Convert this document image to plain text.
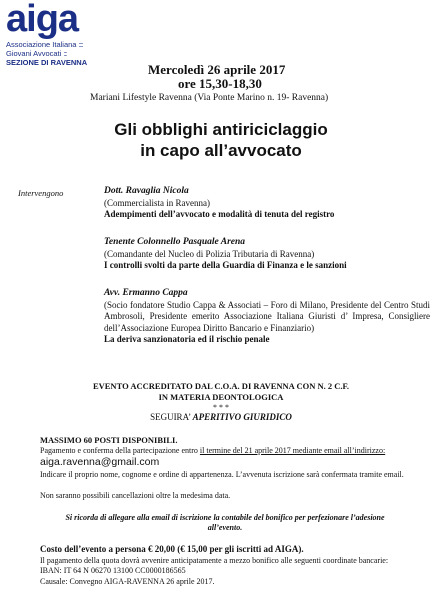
aiga
Associazione Italiana ::::
Giovani Avvocati :::
SEZIONE DI RAVENNA	Mercoledì 26 aprile 2017
ore 15,30-18,30
Mariani Lifestyle Ravenna (Via Ponte Marino n. 19- Ravenna)
Gli obblighi antiriciclaggio
in capo all’avvocato
Intervengono	Dott. Ravaglia Nicola
(Commercialista in Ravenna)
Adempimenti dell’avvocato e modalità di tenuta del registro
Tenente Colonnello Pasquale Arena
(Comandante del Nucleo di Polizia Tributaria di Ravenna)
I controlli svolti da parte della Guardia di Finanza e le sanzioni
Avv. Ermanno Cappa
(Socio fondatore Studio Cappa & Associati – Foro di Milano, Presidente del Centro Studi Ambrosoli, Presidente emerito Associazione Italiana Giuristi d’ Impresa, Consigliere dell’Associazione Europea Diritto Bancario e Finanziario)
La deriva sanzionatoria ed il rischio penale
EVENTO ACCREDITATO DAL C.O.A. DI RAVENNA CON N. 2 C.F.
IN MATERIA DEONTOLOGICA
* * *
SEGUIRA’ APERITIVO GIURIDICO
MASSIMO 60 POSTI DISPONIBILI.
Pagamento e conferma della partecipazione entro il termine del 21 aprile 2017 mediante email all’indirizzo:
aiga.ravenna@gmail.com
Indicare il proprio nome, cognome e ordine di appartenenza. L’avvenuta iscrizione sarà confermata tramite email.
Non saranno possibili cancellazioni oltre la medesima data.
Si ricorda di allegare alla email di iscrizione la contabile del bonifico per perfezionare l’adesione all’evento.
Costo dell’evento a persona € 20,00 (€ 15,00 per gli iscritti ad AIGA).
Il pagamento della quota dovrà avvenire anticipatamente a mezzo bonifico alle seguenti coordinate bancarie:
IBAN: IT 64 N 06270 13100 CC0000186565
Causale: Convegno AIGA-RAVENNA 26 aprile 2017.
